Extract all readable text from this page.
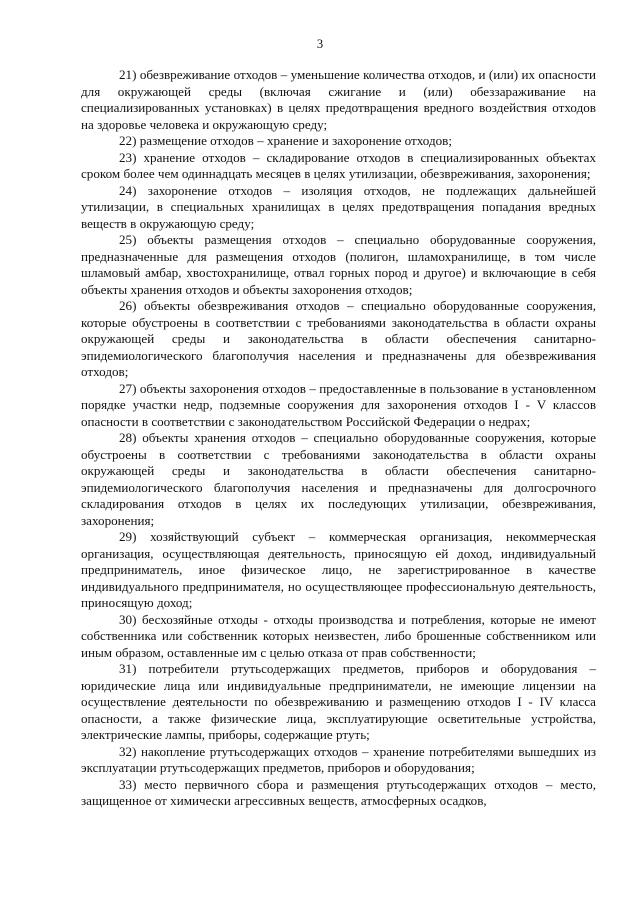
3

21) обезвреживание отходов – уменьшение количества отходов, и (или) их опасности для окружающей среды (включая сжигание и (или) обеззараживание на специализированных установках) в целях предотвращения вредного воздействия отходов на здоровье человека и окружающую среду;

22) размещение отходов – хранение и захоронение отходов;

23) хранение отходов – складирование отходов в специализированных объектах сроком более чем одиннадцать месяцев в целях утилизации, обезвреживания, захоронения;

24) захоронение отходов – изоляция отходов, не подлежащих дальнейшей утилизации, в специальных хранилищах в целях предотвращения попадания вредных веществ в окружающую среду;

25) объекты размещения отходов – специально оборудованные сооружения, предназначенные для размещения отходов (полигон, шламохранилище, в том числе шламовый амбар, хвостохранилище, отвал горных пород и другое) и включающие в себя объекты хранения отходов и объекты захоронения отходов;

26) объекты обезвреживания отходов – специально оборудованные сооружения, которые обустроены в соответствии с требованиями законодательства в области охраны окружающей среды и законодательства в области обеспечения санитарно-эпидемиологического благополучия населения и предназначены для обезвреживания отходов;

27) объекты захоронения отходов – предоставленные в пользование в установленном порядке участки недр, подземные сооружения для захоронения отходов I - V классов опасности в соответствии с законодательством Российской Федерации о недрах;

28) объекты хранения отходов – специально оборудованные сооружения, которые обустроены в соответствии с требованиями законодательства в области охраны окружающей среды и законодательства в области обеспечения санитарно-эпидемиологического благополучия населения и предназначены для долгосрочного складирования отходов в целях их последующих утилизации, обезвреживания, захоронения;

29) хозяйствующий субъект – коммерческая организация, некоммерческая организация, осуществляющая деятельность, приносящую ей доход, индивидуальный предприниматель, иное физическое лицо, не зарегистрированное в качестве индивидуального предпринимателя, но осуществляющее профессиональную деятельность, приносящую доход;

30) бесхозяйные отходы - отходы производства и потребления, которые не имеют собственника или собственник которых неизвестен, либо брошенные собственником или иным образом, оставленные им с целью отказа от прав собственности;

31) потребители ртутьсодержащих предметов, приборов и оборудования – юридические лица или индивидуальные предприниматели, не имеющие лицензии на осуществление деятельности по обезвреживанию и размещению отходов I - IV класса опасности, а также физические лица, эксплуатирующие осветительные устройства, электрические лампы, приборы, содержащие ртуть;

32) накопление ртутьсодержащих отходов – хранение потребителями вышедших из эксплуатации ртутьсодержащих предметов, приборов и оборудования;

33) место первичного сбора и размещения ртутьсодержащих отходов – место, защищенное от химически агрессивных веществ, атмосферных осадков,
